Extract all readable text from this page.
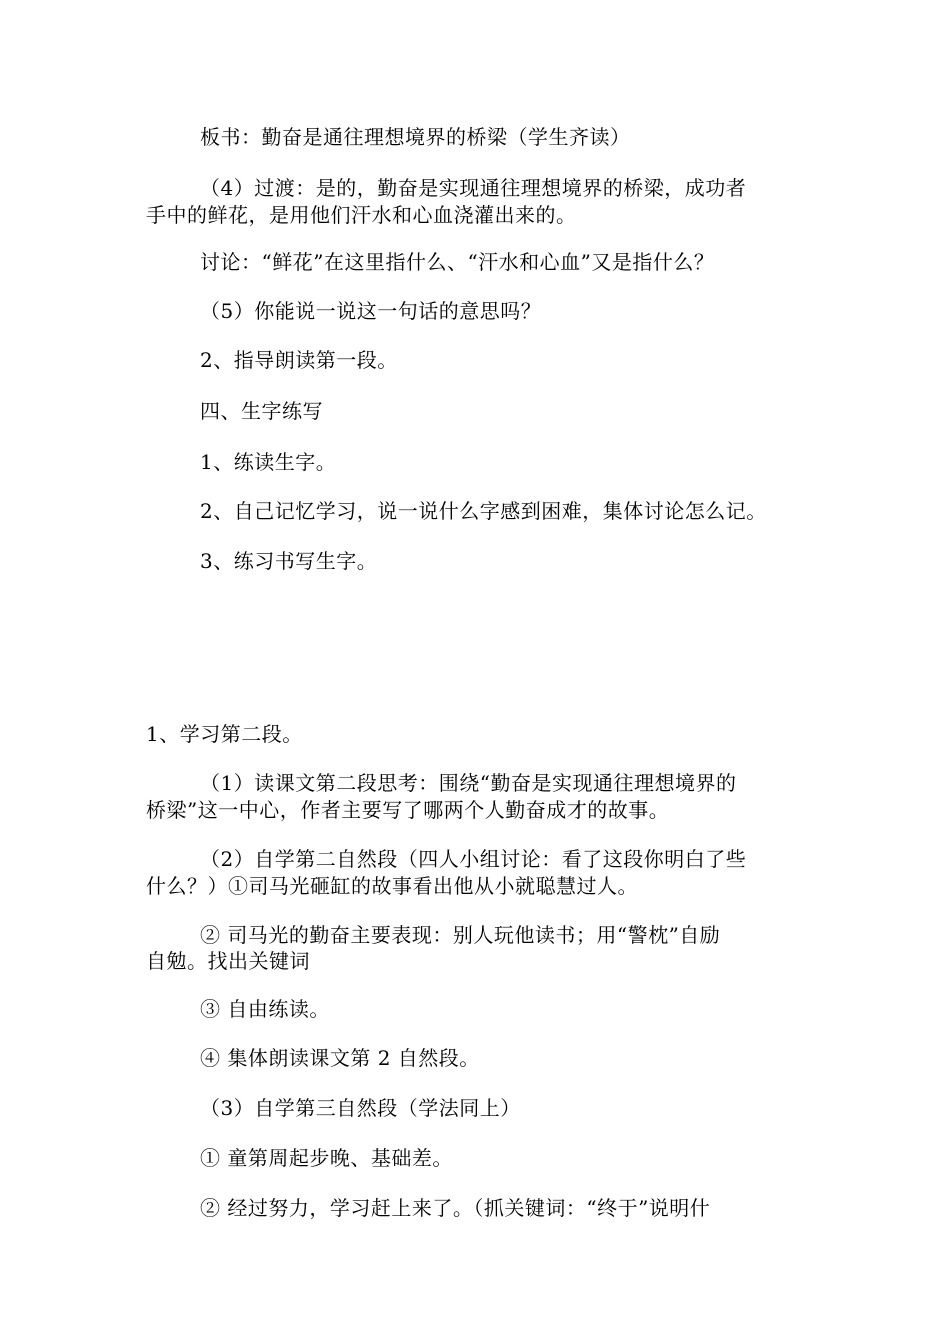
板书：勤奋是通往理想境界的桥梁（学生齐读）
（4）过渡：是的，勤奋是实现通往理想境界的桥梁，成功者
手中的鲜花，是用他们汗水和心血浇灌出来的。
讨论：“鲜花”在这里指什么、“汗水和心血”又是指什么？
（5）你能说一说这一句话的意思吗？
2、指导朗读第一段。
四、生字练写
1、练读生字。
2、自己记忆学习，说一说什么字感到困难，集体讨论怎么记。
3、练习书写生字。
1、学习第二段。
（1）读课文第二段思考：围绕“勤奋是实现通往理想境界的
桥梁”这一中心，作者主要写了哪两个人勤奋成才的故事。
（2）自学第二自然段（四人小组讨论：看了这段你明白了些
什么？）①司马光砸缸的故事看出他从小就聪慧过人。
② 司马光的勤奋主要表现：别人玩他读书；用“警枕”自励
自勉。找出关键词
③ 自由练读。
④ 集体朗读课文第 2 自然段。
（3）自学第三自然段（学法同上）
① 童第周起步晚、基础差。
② 经过努力，学习赶上来了。（抓关键词：“终于”说明什
